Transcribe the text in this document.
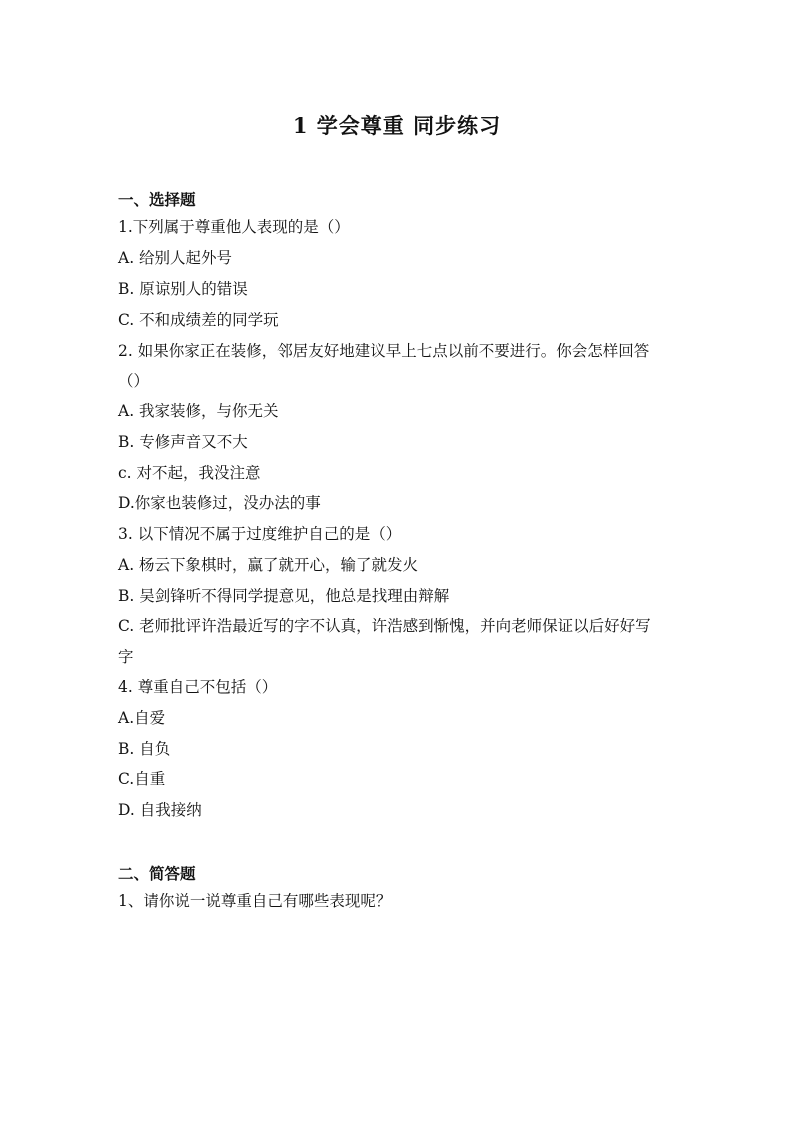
1 学会尊重 同步练习
一、选择题
1.下列属于尊重他人表现的是（）
A. 给别人起外号
B. 原谅别人的错误
C. 不和成绩差的同学玩
2. 如果你家正在装修，邻居友好地建议早上七点以前不要进行。你会怎样回答
（）
A. 我家装修，与你无关
B. 专修声音又不大
c. 对不起，我没注意
D.你家也装修过，没办法的事
3. 以下情况不属于过度维护自己的是（）
A. 杨云下象棋时，赢了就开心，输了就发火
B. 吴剑锋听不得同学提意见，他总是找理由辩解
C. 老师批评许浩最近写的字不认真，许浩感到惭愧，并向老师保证以后好好写
字
4. 尊重自己不包括（）
A.自爱
B. 自负
C.自重
D. 自我接纳
二、简答题
1、请你说一说尊重自己有哪些表现呢？
